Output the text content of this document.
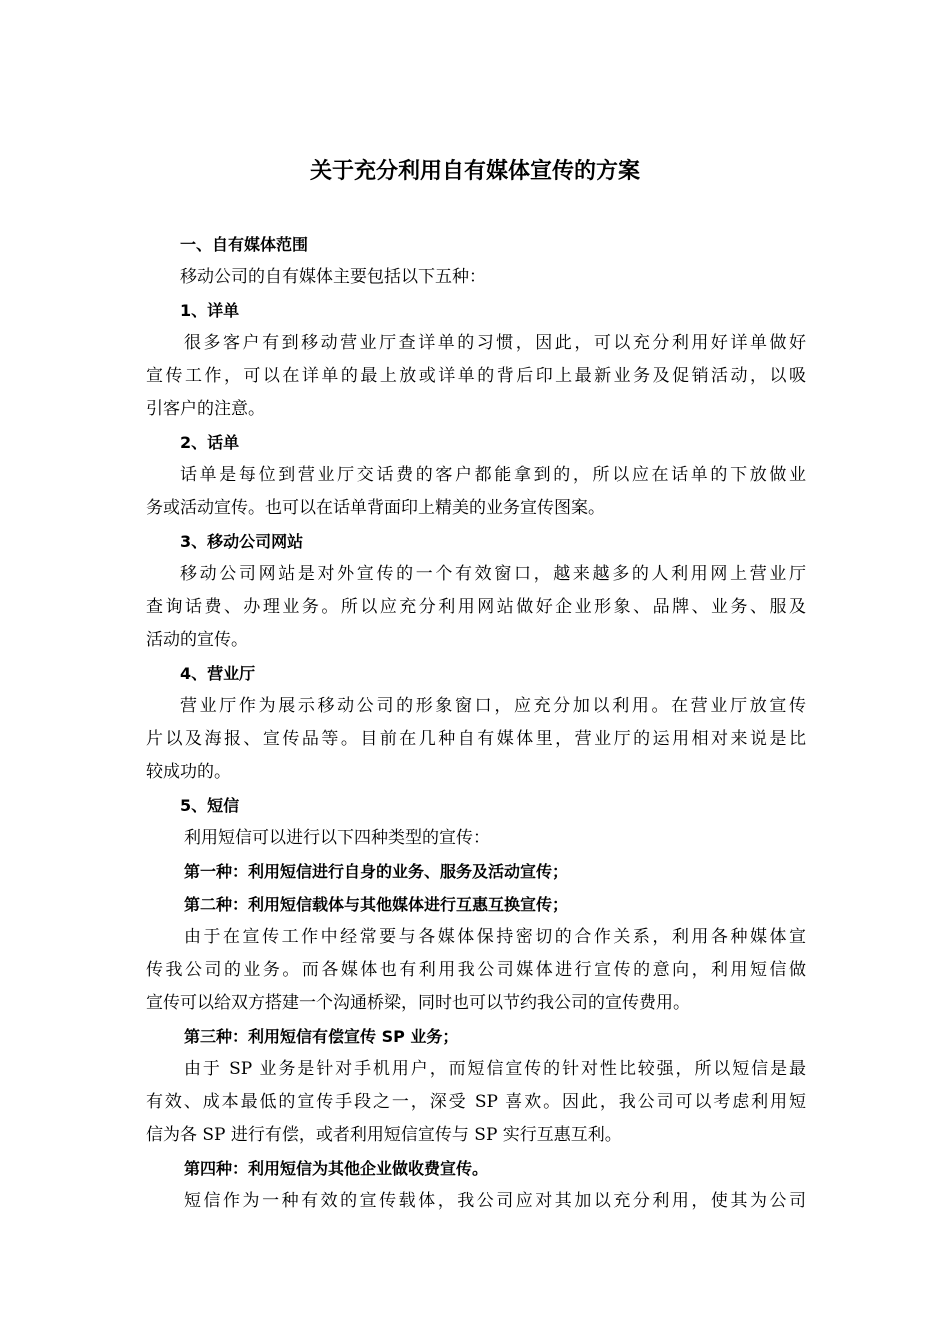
关于充分利用自有媒体宣传的方案
一、自有媒体范围
移动公司的自有媒体主要包括以下五种：
1、详单
很多客户有到移动营业厅查详单的习惯，因此，可以充分利用好详单做好
宣传工作，可以在详单的最上放或详单的背后印上最新业务及促销活动，以吸
引客户的注意。
2、话单
话单是每位到营业厅交话费的客户都能拿到的，所以应在话单的下放做业
务或活动宣传。也可以在话单背面印上精美的业务宣传图案。
3、移动公司网站
移动公司网站是对外宣传的一个有效窗口，越来越多的人利用网上营业厅
查询话费、办理业务。所以应充分利用网站做好企业形象、品牌、业务、服及
活动的宣传。
4、营业厅
营业厅作为展示移动公司的形象窗口，应充分加以利用。在营业厅放宣传
片以及海报、宣传品等。目前在几种自有媒体里，营业厅的运用相对来说是比
较成功的。
5、短信
利用短信可以进行以下四种类型的宣传：
第一种：利用短信进行自身的业务、服务及活动宣传；
第二种：利用短信载体与其他媒体进行互惠互换宣传；
由于在宣传工作中经常要与各媒体保持密切的合作关系，利用各种媒体宣
传我公司的业务。而各媒体也有利用我公司媒体进行宣传的意向，利用短信做
宣传可以给双方搭建一个沟通桥梁，同时也可以节约我公司的宣传费用。
第三种：利用短信有偿宣传 SP 业务；
由于 SP 业务是针对手机用户，而短信宣传的针对性比较强，所以短信是最
有效、成本最低的宣传手段之一，深受 SP 喜欢。因此，我公司可以考虑利用短
信为各 SP 进行有偿，或者利用短信宣传与 SP 实行互惠互利。
第四种：利用短信为其他企业做收费宣传。
短信作为一种有效的宣传载体，我公司应对其加以充分利用，使其为公司
